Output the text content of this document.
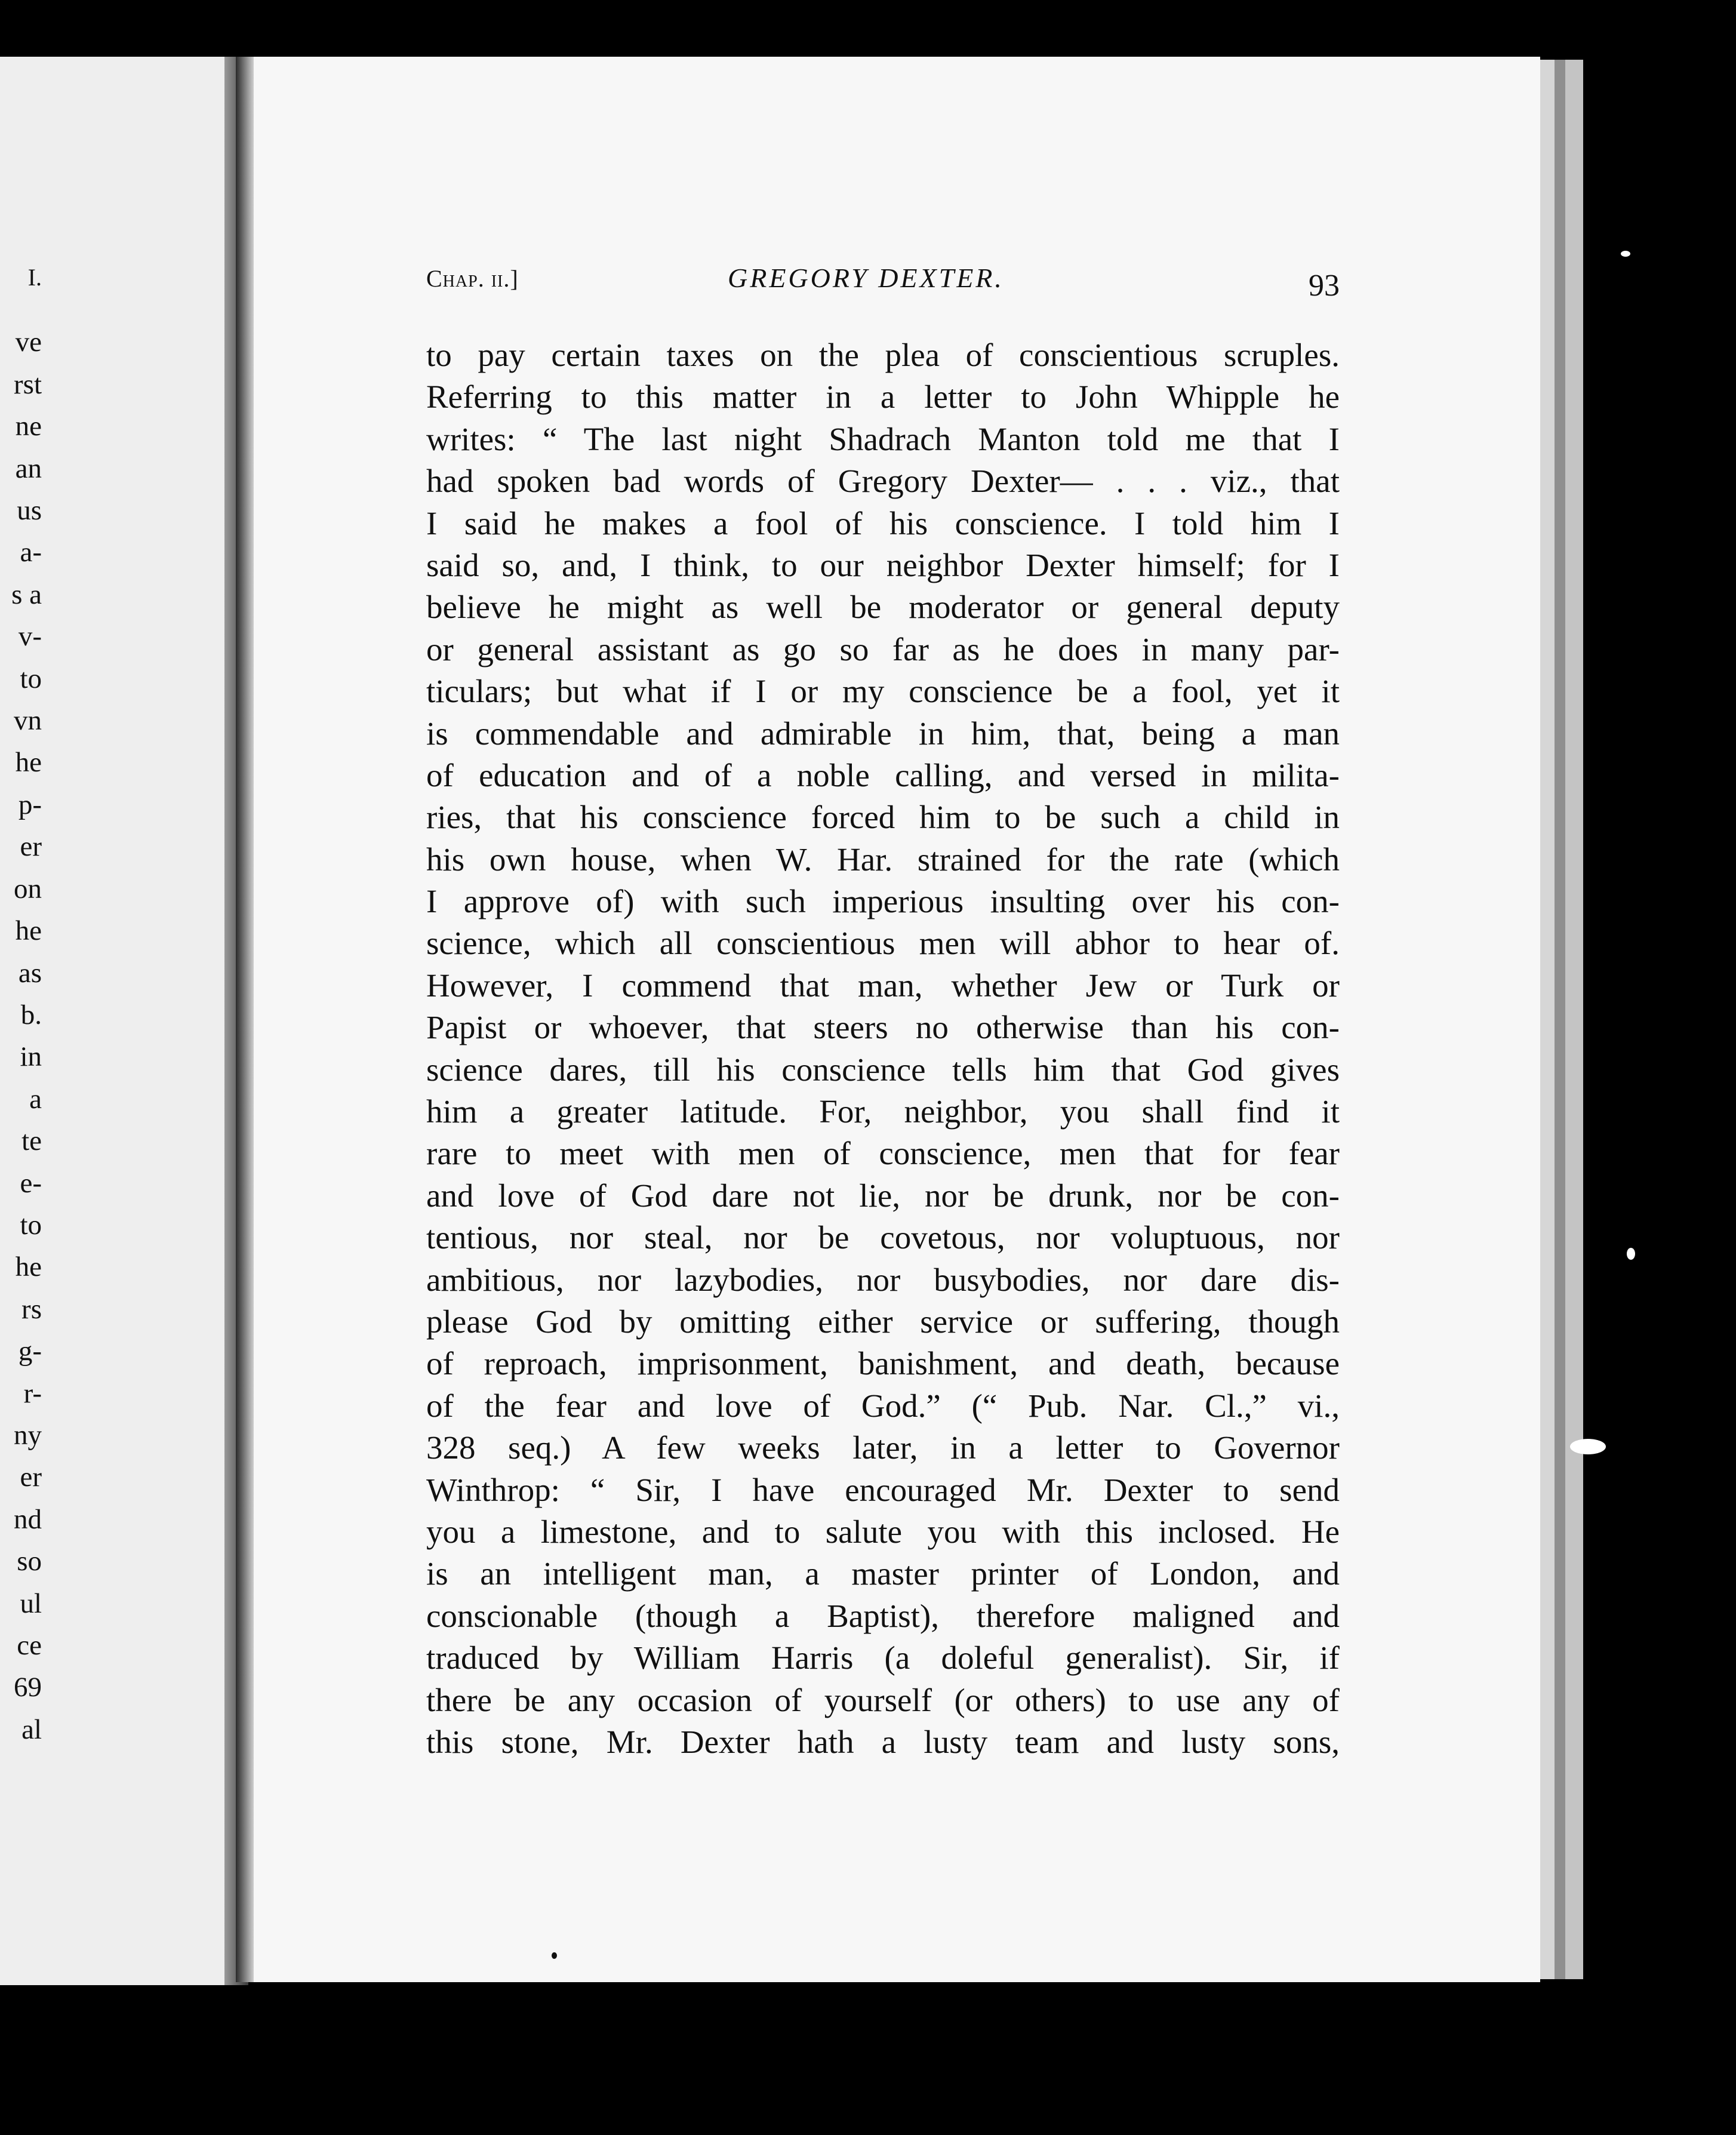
I.
ve
rst
ne
an
us
a-
s a
v-
to
vn
he
p-
er
on
he
as
b.
in
a
te
e-
to
he
rs
g-
r-
ny
er
nd
so
ul
ce
69
al
Chap. ii.]	GREGORY DEXTER.	93
to pay certain taxes on the plea of conscientious scruples.
Referring to this matter in a letter to John Whipple he
writes: “ The last night Shadrach Manton told me that I
had spoken bad words of Gregory Dexter— . . . viz., that
I said he makes a fool of his conscience. I told him I
said so, and, I think, to our neighbor Dexter himself; for I
believe he might as well be moderator or general deputy
or general assistant as go so far as he does in many par-
ticulars; but what if I or my conscience be a fool, yet it
is commendable and admirable in him, that, being a man
of education and of a noble calling, and versed in milita-
ries, that his conscience forced him to be such a child in
his own house, when W. Har. strained for the rate (which
I approve of) with such imperious insulting over his con-
science, which all conscientious men will abhor to hear of.
However, I commend that man, whether Jew or Turk or
Papist or whoever, that steers no otherwise than his con-
science dares, till his conscience tells him that God gives
him a greater latitude. For, neighbor, you shall find it
rare to meet with men of conscience, men that for fear
and love of God dare not lie, nor be drunk, nor be con-
tentious, nor steal, nor be covetous, nor voluptuous, nor
ambitious, nor lazybodies, nor busybodies, nor dare dis-
please God by omitting either service or suffering, though
of reproach, imprisonment, banishment, and death, because
of the fear and love of God.” (“ Pub. Nar. Cl.,” vi.,
328 seq.) A few weeks later, in a letter to Governor
Winthrop: “ Sir, I have encouraged Mr. Dexter to send
you a limestone, and to salute you with this inclosed. He
is an intelligent man, a master printer of London, and
conscionable (though a Baptist), therefore maligned and
traduced by William Harris (a doleful generalist). Sir, if
there be any occasion of yourself (or others) to use any of
this stone, Mr. Dexter hath a lusty team and lusty sons,
